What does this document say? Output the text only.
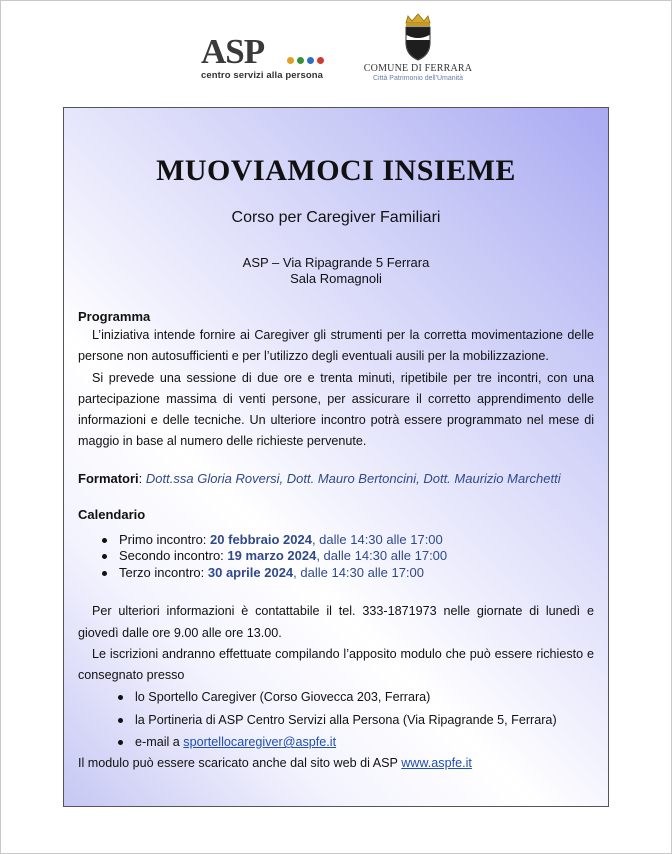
ASP
centro servizi alla persona
COMUNE DI FERRARA
Città Patrimonio dell'Umanità
MUOVIAMOCI INSIEME
Corso per Caregiver Familiari
ASP – Via Ripagrande 5 Ferrara
Sala Romagnoli
Programma
L’iniziativa intende fornire ai Caregiver gli strumenti per la corretta movimentazione delle persone non autosufficienti e per l’utilizzo degli eventuali ausili per la mobilizzazione.
Si prevede una sessione di due ore e trenta minuti, ripetibile per tre incontri, con una partecipazione massima di venti persone, per assicurare il corretto apprendimento delle informazioni e delle tecniche. Un ulteriore incontro potrà essere programmato nel mese di maggio in base al numero delle richieste pervenute.
Formatori: Dott.ssa Gloria Roversi, Dott. Mauro Bertoncini, Dott. Maurizio Marchetti
Calendario
Primo incontro: 20 febbraio 2024, dalle 14:30 alle 17:00
Secondo incontro: 19 marzo 2024, dalle 14:30 alle 17:00
Terzo incontro: 30 aprile 2024, dalle 14:30 alle 17:00
Per ulteriori informazioni è contattabile il tel. 333-1871973 nelle giornate di lunedì e giovedì dalle ore 9.00 alle ore 13.00.
Le iscrizioni andranno effettuate compilando l’apposito modulo che può essere richiesto e consegnato presso
lo Sportello Caregiver (Corso Giovecca 203, Ferrara)
la Portineria di ASP Centro Servizi alla Persona (Via Ripagrande 5, Ferrara)
e-mail a sportellocaregiver@aspfe.it
Il modulo può essere scaricato anche dal sito web di ASP www.aspfe.it
